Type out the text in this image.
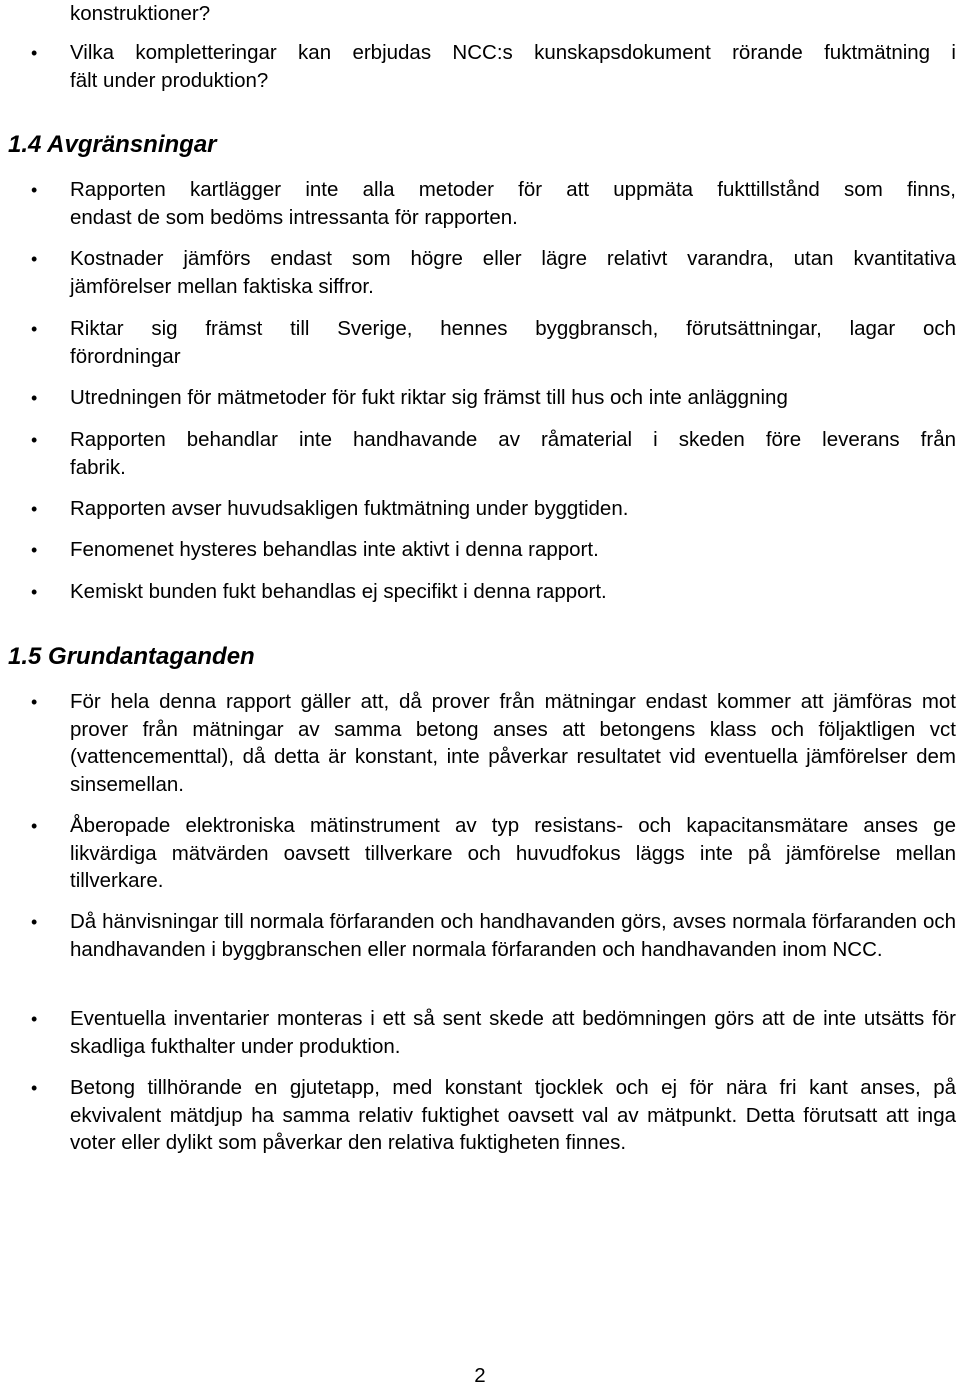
konstruktioner?
• Vilka kompletteringar kan erbjudas NCC:s kunskapsdokument rörande fuktmätning i
fält under produktion?
1.4 Avgränsningar
• Rapporten kartlägger inte alla metoder för att uppmäta fukttillstånd som finns,
endast de som bedöms intressanta för rapporten.
• Kostnader jämförs endast som högre eller lägre relativt varandra, utan kvantitativa
jämförelser mellan faktiska siffror.
• Riktar sig främst till Sverige, hennes byggbransch, förutsättningar, lagar och
förordningar
• Utredningen för mätmetoder för fukt riktar sig främst till hus och inte anläggning
• Rapporten behandlar inte handhavande av råmaterial i skeden före leverans från
fabrik.
• Rapporten avser huvudsakligen fuktmätning under byggtiden.
• Fenomenet hysteres behandlas inte aktivt i denna rapport.
• Kemiskt bunden fukt behandlas ej specifikt i denna rapport.
1.5 Grundantaganden
• För hela denna rapport gäller att, då prover från mätningar endast kommer att jämföras mot prover från mätningar av samma betong anses att betongens klass och följaktligen vct (vattencementtal), då detta är konstant, inte påverkar resultatet vid eventuella jämförelser dem sinsemellan.
• Åberopade elektroniska mätinstrument av typ resistans- och kapacitansmätare anses ge likvärdiga mätvärden oavsett tillverkare och huvudfokus läggs inte på jämförelse mellan tillverkare.
• Då hänvisningar till normala förfaranden och handhavanden görs, avses normala förfaranden och handhavanden i byggbranschen eller normala förfaranden och handhavanden inom NCC.
• Eventuella inventarier monteras i ett så sent skede att bedömningen görs att de inte utsätts för skadliga fukthalter under produktion.
• Betong tillhörande en gjutetapp, med konstant tjocklek och ej för nära fri kant anses, på ekvivalent mätdjup ha samma relativ fuktighet oavsett val av mätpunkt. Detta förutsatt att inga voter eller dylikt som påverkar den relativa fuktigheten finnes.
2
